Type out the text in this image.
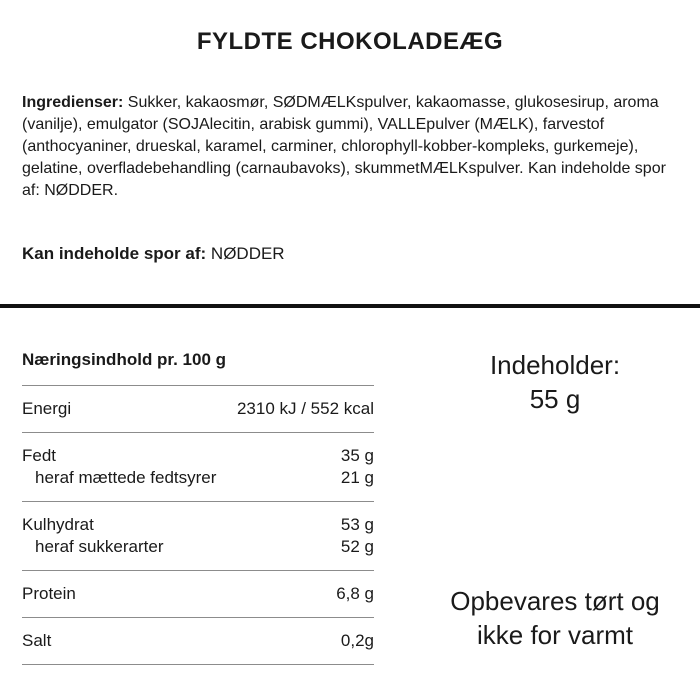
FYLDTE CHOKOLADEÆG
Ingredienser: Sukker, kakaosmør, SØDMÆLKspulver, kakaomasse, glukosesirup, aroma (vanilje), emulgator (SOJAlecitin, arabisk gummi), VALLEpulver (MÆLK), farvestof (anthocyaniner, drueskal, karamel, carminer, chlorophyll-kobber-kompleks, gurkemeje), gelatine, overfladebehandling (carnaubavoks), skummetMÆLKspulver. Kan indeholde spor af: NØDDER.
Kan indeholde spor af: NØDDER
Næringsindhold pr. 100 g
Energi	2310 kJ / 552 kcal
Fedt	35 g
heraf mættede fedtsyrer	21 g
Kulhydrat	53 g
heraf sukkerarter	52 g
Protein	6,8 g
Salt	0,2g
Indeholder:
55 g
Opbevares tørt og
ikke for varmt
